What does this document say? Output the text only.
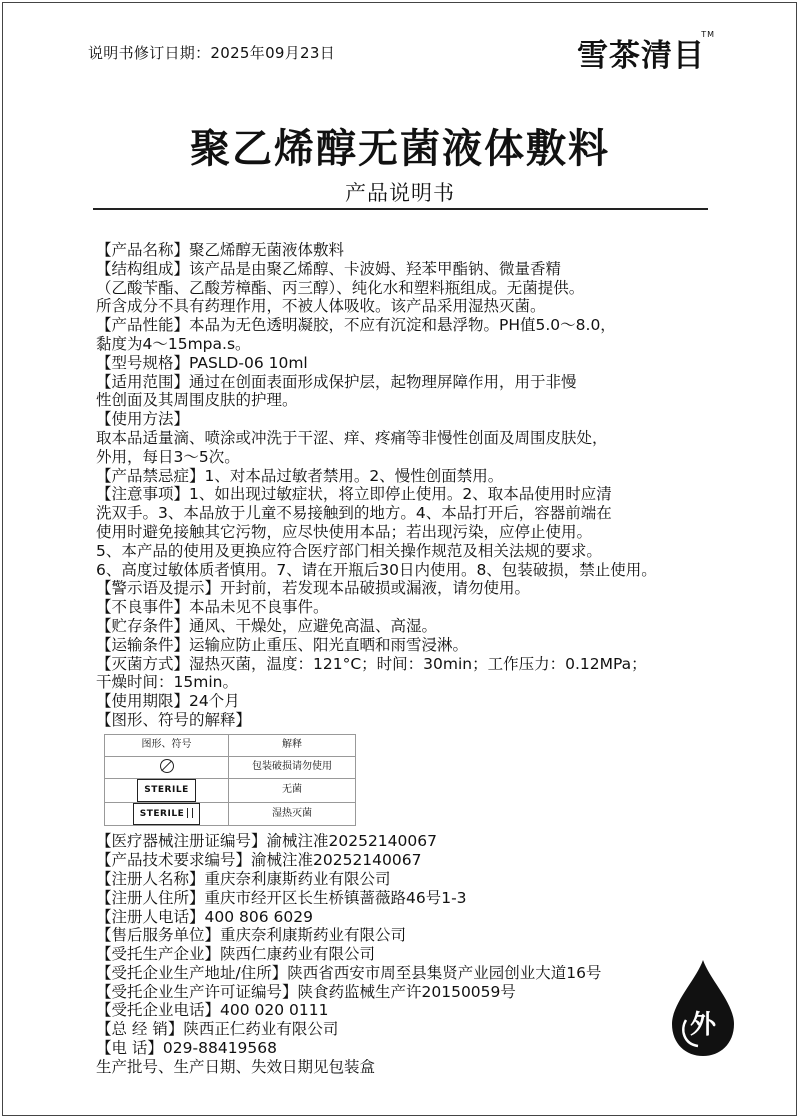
说明书修订日期：2025年09月23日	雪茶清目
TM
聚乙烯醇无菌液体敷料
产品说明书
【产品名称】聚乙烯醇无菌液体敷料
【结构组成】该产品是由聚乙烯醇、卡波姆、羟苯甲酯钠、微量香精
（乙酸苄酯、乙酸芳樟酯、丙三醇）、纯化水和塑料瓶组成。无菌提供。
所含成分不具有药理作用，不被人体吸收。该产品采用湿热灭菌。
【产品性能】本品为无色透明凝胶，不应有沉淀和悬浮物。PH值5.0～8.0，
黏度为4～15mpa.s。
【型号规格】PASLD-06 10ml
【适用范围】通过在创面表面形成保护层，起物理屏障作用，用于非慢
性创面及其周围皮肤的护理。
【使用方法】
取本品适量滴、喷涂或冲洗于干涩、痒、疼痛等非慢性创面及周围皮肤处，
外用，每日3～5次。
【产品禁忌症】1、对本品过敏者禁用。2、慢性创面禁用。
【注意事项】1、如出现过敏症状，将立即停止使用。2、取本品使用时应清
洗双手。3、本品放于儿童不易接触到的地方。4、本品打开后，容器前端在
使用时避免接触其它污物，应尽快使用本品；若出现污染，应停止使用。
5、本产品的使用及更换应符合医疗部门相关操作规范及相关法规的要求。
6、高度过敏体质者慎用。7、请在开瓶后30日内使用。8、包装破损，禁止使用。
【警示语及提示】开封前，若发现本品破损或漏液，请勿使用。
【不良事件】本品未见不良事件。
【贮存条件】通风、干燥处，应避免高温、高湿。
【运输条件】运输应防止重压、阳光直晒和雨雪浸淋。
【灭菌方式】湿热灭菌，温度：121°C；时间：30min；工作压力：0.12MPa；
干燥时间：15min。
【使用期限】24个月
【图形、符号的解释】
图形、符号	解释
	包装破损请勿使用
STERILE	无菌
STERILE	湿热灭菌
【医疗器械注册证编号】渝械注准20252140067
【产品技术要求编号】渝械注准20252140067
【注册人名称】重庆奈利康斯药业有限公司
【注册人住所】重庆市经开区长生桥镇蔷薇路46号1-3
【注册人电话】400 806 6029
【售后服务单位】重庆奈利康斯药业有限公司
【受托生产企业】陕西仁康药业有限公司
【受托企业生产地址/住所】陕西省西安市周至县集贤产业园创业大道16号
【受托企业生产许可证编号】陕食药监械生产许20150059号
【受托企业电话】400 020 0111
【总 经 销】陕西正仁药业有限公司
【电 话】029-88419568
生产批号、生产日期、失效日期见包装盒
外
